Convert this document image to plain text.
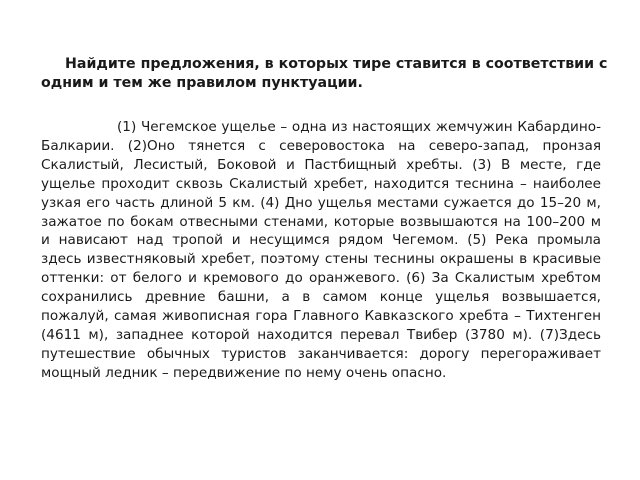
Найдите предложения, в которых тире ставится в соответствии с одним и тем же правилом пунктуации.

(1) Чегемское ущелье – одна из настоящих жемчужин Кабардино-Балкарии. (2)Оно тянется с северовостока на северо-запад, пронзая Скалистый, Лесистый, Боковой и Пастбищный хребты. (3) В месте, где ущелье проходит сквозь Скалистый хребет, находится теснина – наиболее узкая его часть длиной 5 км. (4) Дно ущелья местами сужается до 15–20 м, зажатое по бокам отвесными стенами, которые возвышаются на 100–200 м и нависают над тропой и несущимся рядом Чегемом. (5) Река промыла здесь известняковый хребет, поэтому стены теснины окрашены в красивые оттенки: от белого и кремового до оранжевого. (6) За Скалистым хребтом сохранились древние башни, а в самом конце ущелья возвышается, пожалуй, самая живописная гора Главного Кавказского хребта – Тихтенген (4611 м), западнее которой находится перевал Твибер (3780 м). (7)Здесь путешествие обычных туристов заканчивается: дорогу перегораживает мощный ледник – передвижение по нему очень опасно.
